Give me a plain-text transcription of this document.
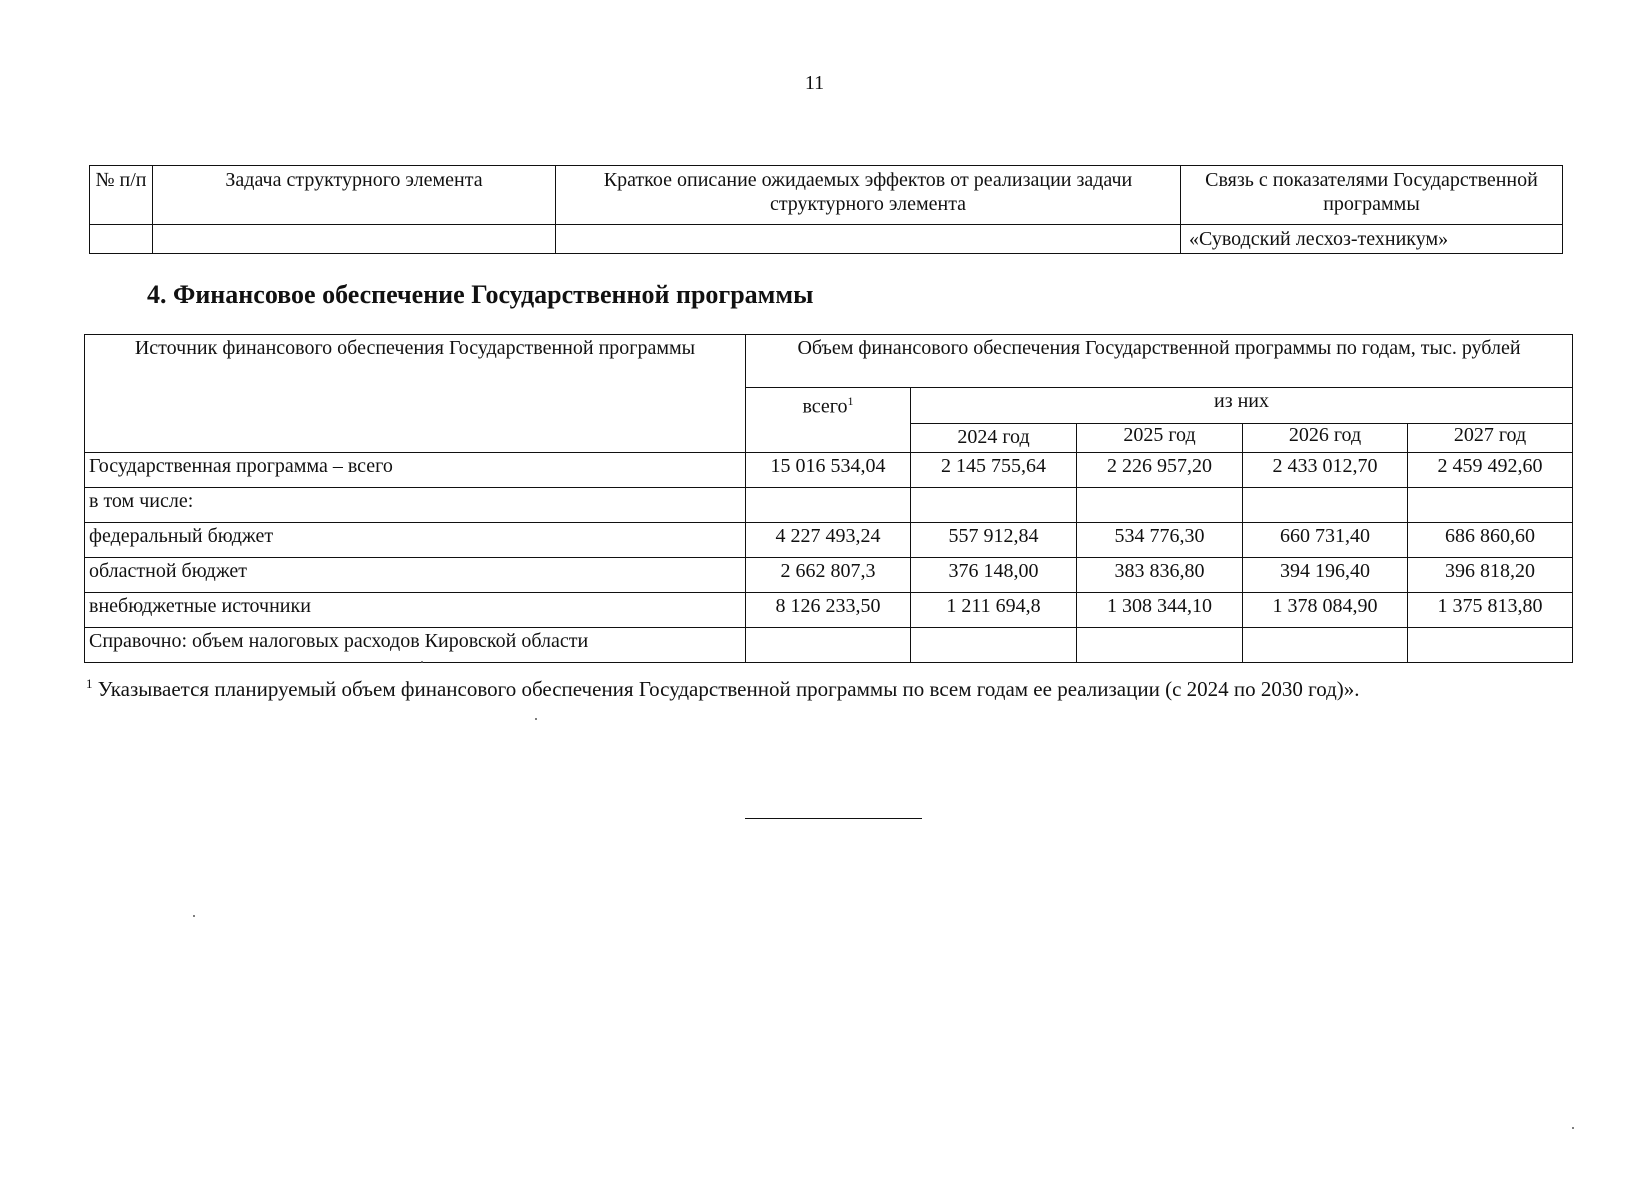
11
№ п/п	Задача структурного элемента	Краткое описание ожидаемых эффектов от реализации задачи структурного элемента	Связь с показателями Государственной программы
			«Суводский лесхоз-техникум»
4. Финансовое обеспечение Государственной программы
Источник финансового обеспечения Государственной программы	Объем финансового обеспечения Государственной программы по годам, тыс. рублей				
	всего$^1$	из них			
		2024 год	2025 год	2026 год	2027 год
Государственная программа – всего	15 016 534,04	2 145 755,64	2 226 957,20	2 433 012,70	2 459 492,60
в том числе:					
федеральный бюджет	4 227 493,24	557 912,84	534 776,30	660 731,40	686 860,60
областной бюджет	2 662 807,3	376 148,00	383 836,80	394 196,40	396 818,20
внебюджетные источники	8 126 233,50	1 211 694,8	1 308 344,10	1 378 084,90	1 375 813,80
Справочно: объем налоговых расходов Кировской области					

$^1$ Указывается планируемый объем финансового обеспечения Государственной программы по всем годам ее реализации (с 2024 по 2030 год)».
